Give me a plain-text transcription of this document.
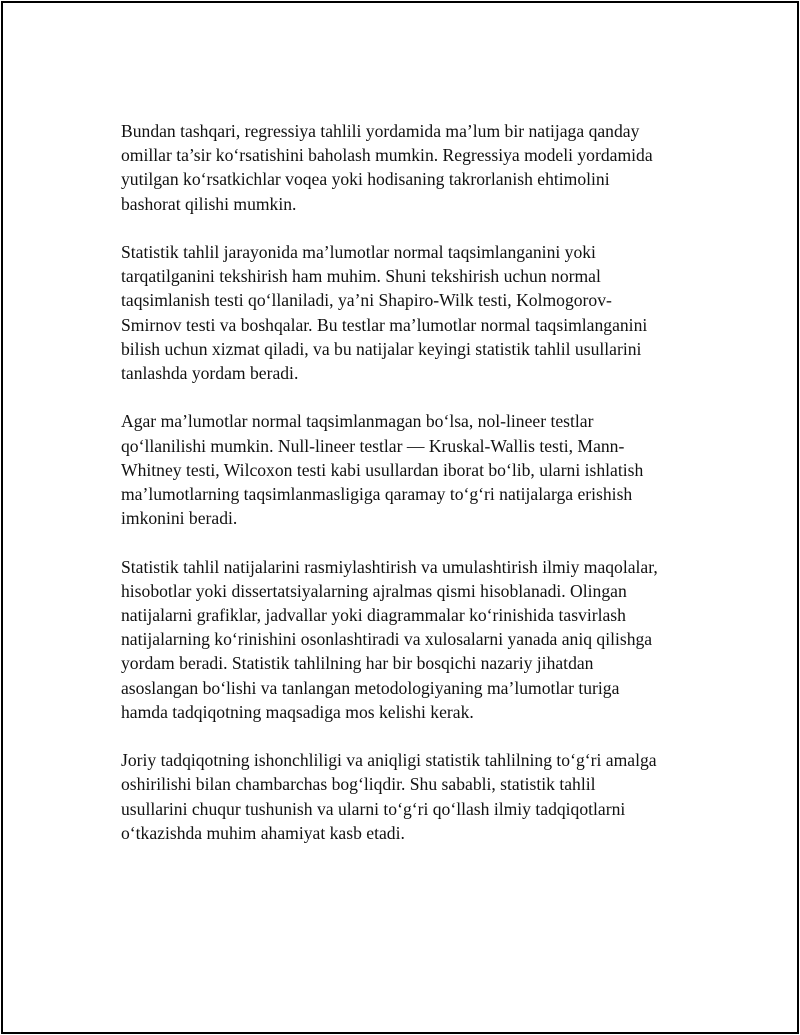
Bundan tashqari, regressiya tahlili yordamida ma’lum bir natijaga qanday
omillar ta’sir ko‘rsatishini baholash mumkin. Regressiya modeli yordamida
yutilgan ko‘rsatkichlar voqea yoki hodisaning takrorlanish ehtimolini
bashorat qilishi mumkin.

Statistik tahlil jarayonida ma’lumotlar normal taqsimlanganini yoki
tarqatilganini tekshirish ham muhim. Shuni tekshirish uchun normal
taqsimlanish testi qo‘llaniladi, ya’ni Shapiro-Wilk testi, Kolmogorov-
Smirnov testi va boshqalar. Bu testlar ma’lumotlar normal taqsimlanganini
bilish uchun xizmat qiladi, va bu natijalar keyingi statistik tahlil usullarini
tanlashda yordam beradi.

Agar ma’lumotlar normal taqsimlanmagan bo‘lsa, nol-lineer testlar
qo‘llanilishi mumkin. Null-lineer testlar — Kruskal-Wallis testi, Mann-
Whitney testi, Wilcoxon testi kabi usullardan iborat bo‘lib, ularni ishlatish
ma’lumotlarning taqsimlanmasligiga qaramay to‘g‘ri natijalarga erishish
imkonini beradi.

Statistik tahlil natijalarini rasmiylashtirish va umulashtirish ilmiy maqolalar,
hisobotlar yoki dissertatsiyalarning ajralmas qismi hisoblanadi. Olingan
natijalarni grafiklar, jadvallar yoki diagrammalar ko‘rinishida tasvirlash
natijalarning ko‘rinishini osonlashtiradi va xulosalarni yanada aniq qilishga
yordam beradi. Statistik tahlilning har bir bosqichi nazariy jihatdan
asoslangan bo‘lishi va tanlangan metodologiyaning ma’lumotlar turiga
hamda tadqiqotning maqsadiga mos kelishi kerak.

Joriy tadqiqotning ishonchliligi va aniqligi statistik tahlilning to‘g‘ri amalga
oshirilishi bilan chambarchas bog‘liqdir. Shu sababli, statistik tahlil
usullarini chuqur tushunish va ularni to‘g‘ri qo‘llash ilmiy tadqiqotlarni
o‘tkazishda muhim ahamiyat kasb etadi.
